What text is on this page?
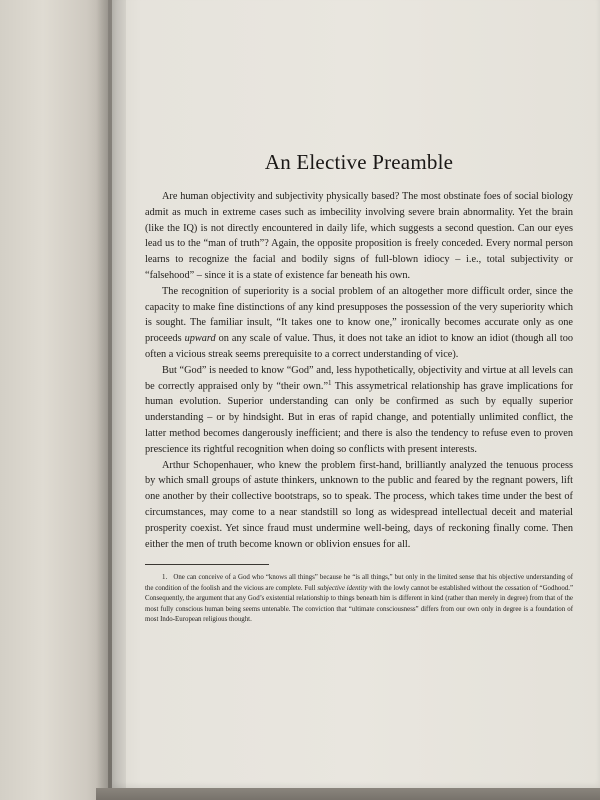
An Elective Preamble

Are human objectivity and subjectivity physically based? The most obstinate foes of social biology admit as much in extreme cases such as imbecility involving severe brain abnormality. Yet the brain (like the IQ) is not directly encountered in daily life, which suggests a second question. Can our eyes lead us to the “man of truth”? Again, the opposite proposition is freely conceded. Every normal person learns to recognize the facial and bodily signs of full-blown idiocy – i.e., total subjectivity or “falsehood” – since it is a state of existence far beneath his own.

The recognition of superiority is a social problem of an altogether more difficult order, since the capacity to make fine distinctions of any kind presupposes the possession of the very superiority which is sought. The familiar insult, “It takes one to know one,” ironically becomes accurate only as one proceeds upward on any scale of value. Thus, it does not take an idiot to know an idiot (though all too often a vicious streak seems prerequisite to a correct understanding of vice).

But “God” is needed to know “God” and, less hypothetically, objectivity and virtue at all levels can be correctly appraised only by “their own.”$^1$ This assymetrical relationship has grave implications for human evolution. Superior understanding can only be confirmed as such by equally superior understanding – or by hindsight. But in eras of rapid change, and potentially unlimited conflict, the latter method becomes dangerously inefficient; and there is also the tendency to refuse even to proven prescience its rightful recognition when doing so conflicts with present interests.

Arthur Schopenhauer, who knew the problem first-hand, brilliantly analyzed the tenuous process by which small groups of astute thinkers, unknown to the public and feared by the regnant powers, lift one another by their collective bootstraps, so to speak. The process, which takes time under the best of circumstances, may come to a near standstill so long as widespread intellectual deceit and material prosperity coexist. Yet since fraud must undermine well-being, days of reckoning finally come. Then either the men of truth become known or oblivion ensues for all.

1. One can conceive of a God who “knows all things” because he “is all things,” but only in the limited sense that his objective understanding of the condition of the foolish and the vicious are complete. Full subjective identity with the lowly cannot be established without the cessation of “Godhood.” Consequently, the argument that any God’s existential relationship to things beneath him is different in kind (rather than merely in degree) from that of the most fully conscious human being seems untenable. The conviction that “ultimate consciousness” differs from our own only in degree is a foundation of most Indo-European religious thought.
